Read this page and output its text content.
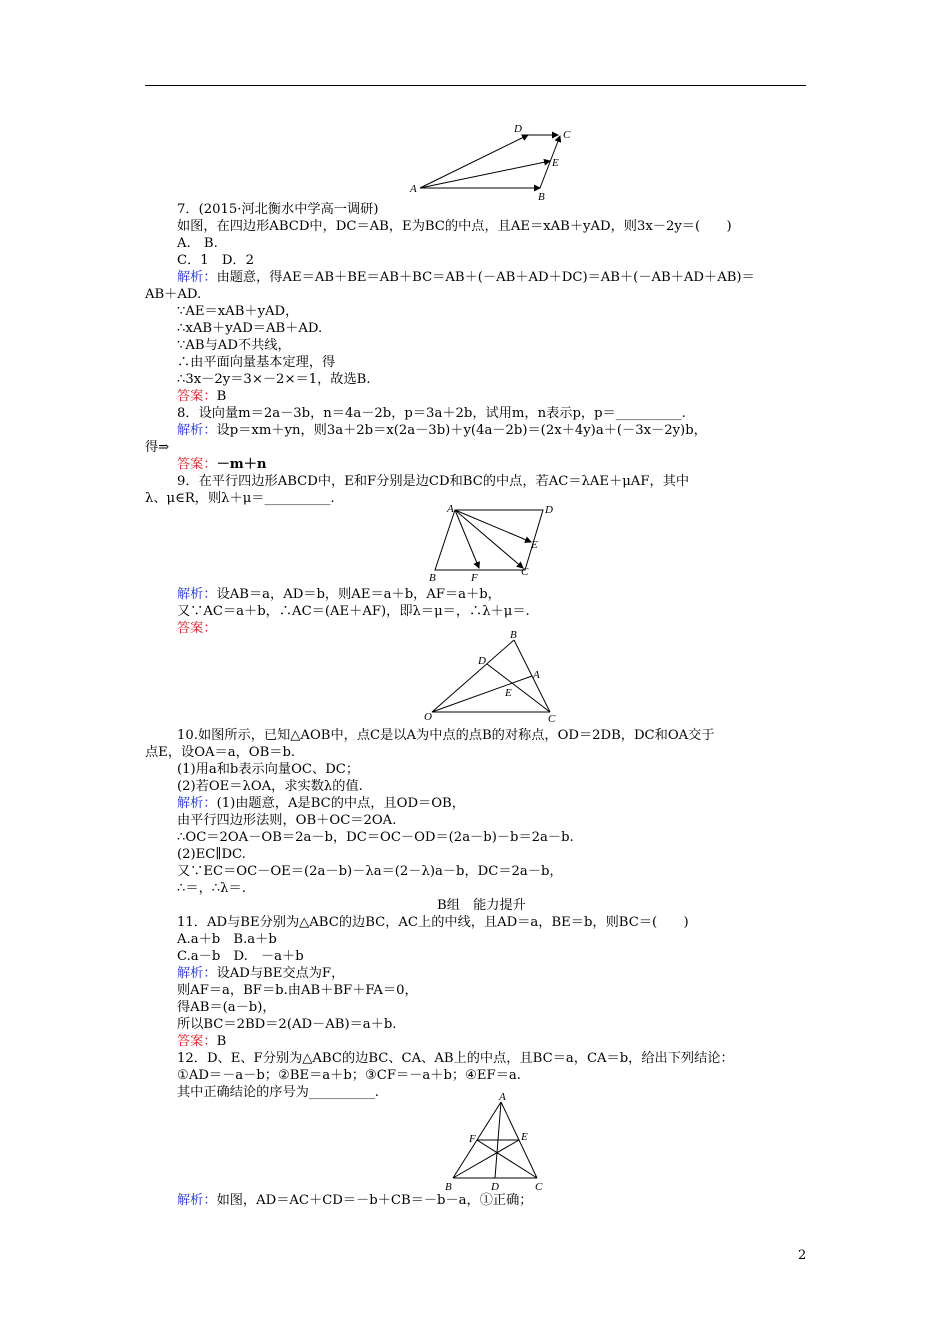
A
B
C
D
E
A
B	C
D
E
F
B
D
A
E
O	C
A
F	E
B	D	C
7．(2015·河北衡水中学高一调研)
如图，在四边形ABCD中，DC＝AB，E为BC的中点，且AE＝xAB＋yAD，则3x－2y＝(　　)
A.　B.
C．1　D．2
解析：由题意，得AE＝AB＋BE＝AB＋BC＝AB＋(－AB＋AD＋DC)＝AB＋(－AB＋AD＋AB)＝
AB＋AD.
∵AE＝xAB＋yAD，
∴xAB＋yAD＝AB＋AD.
∵AB与AD不共线，
∴由平面向量基本定理，得
∴3x－2y＝3×－2×＝1，故选B.
答案：B
8．设向量m＝2a－3b，n＝4a－2b，p＝3a＋2b，试用m，n表示p，p＝__________.
解析：设p＝xm＋yn，则3a＋2b＝x(2a－3b)＋y(4a－2b)＝(2x＋4y)a＋(－3x－2y)b，
得⇒
答案：－m＋n
9．在平行四边形ABCD中，E和F分别是边CD和BC的中点，若AC＝λAE＋μAF，其中
λ、μ∈R，则λ＋μ＝__________.
解析：设AB＝a，AD＝b，则AE＝a＋b，AF＝a＋b，
又∵AC＝a＋b，∴AC＝(AE＋AF)，即λ＝μ＝，∴λ＋μ＝.
答案：
10.如图所示，已知△AOB中，点C是以A为中点的点B的对称点，OD＝2DB，DC和OA交于
点E，设OA＝a，OB＝b.
(1)用a和b表示向量OC、DC；
(2)若OE＝λOA，求实数λ的值.
解析：(1)由题意，A是BC的中点，且OD＝OB，
由平行四边形法则，OB＋OC＝2OA.
∴OC＝2OA－OB＝2a－b，DC＝OC－OD＝(2a－b)－b＝2a－b.
(2)EC∥DC.
又∵EC＝OC－OE＝(2a－b)－λa＝(2－λ)a－b，DC＝2a－b，
∴＝，∴λ＝.
B组　能力提升
11．AD与BE分别为△ABC的边BC，AC上的中线，且AD＝a，BE＝b，则BC＝(　　)
A.a＋b　B.a＋b
C.a－b　D.　－a＋b
解析：设AD与BE交点为F，
则AF＝a，BF＝b.由AB＋BF＋FA＝0，
得AB＝(a－b)，
所以BC＝2BD＝2(AD－AB)＝a＋b.
答案：B
12．D、E、F分别为△ABC的边BC、CA、AB上的中点，且BC＝a，CA＝b，给出下列结论：
①AD＝－a－b；②BE＝a＋b；③CF＝－a＋b；④EF＝a.
其中正确结论的序号为__________.
解析：如图，AD＝AC＋CD＝－b＋CB＝－b－a，①正确；
2
